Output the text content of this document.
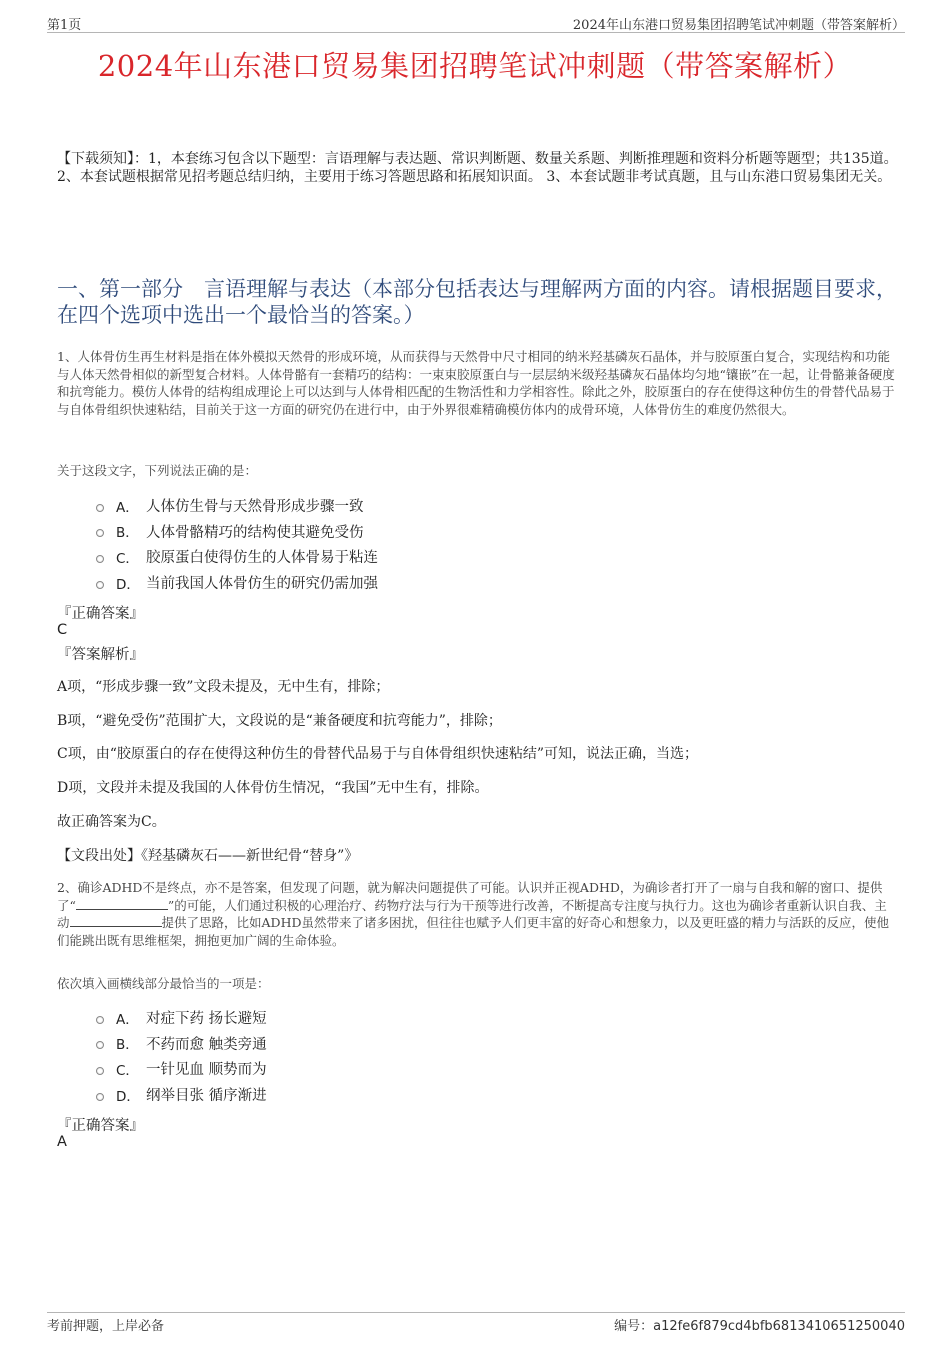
第1页	2024年山东港口贸易集团招聘笔试冲刺题（带答案解析）
2024年山东港口贸易集团招聘笔试冲刺题（带答案解析）
【下载须知】：1，本套练习包含以下题型：言语理解与表达题、常识判断题、数量关系题、判断推理题和资料分析题等题型；共135道。 2、本套试题根据常见招考题总结归纳，主要用于练习答题思路和拓展知识面。 3、本套试题非考试真题，且与山东港口贸易集团无关。
一、第一部分　言语理解与表达（本部分包括表达与理解两方面的内容。请根据题目要求，在四个选项中选出一个最恰当的答案。）
1、人体骨仿生再生材料是指在体外模拟天然骨的形成环境，从而获得与天然骨中尺寸相同的纳米羟基磷灰石晶体，并与胶原蛋白复合，实现结构和功能与人体天然骨相似的新型复合材料。人体骨骼有一套精巧的结构：一束束胶原蛋白与一层层纳米级羟基磷灰石晶体均匀地“镶嵌”在一起，让骨骼兼备硬度和抗弯能力。模仿人体骨的结构组成理论上可以达到与人体骨相匹配的生物活性和力学相容性。除此之外，胶原蛋白的存在使得这种仿生的骨替代品易于与自体骨组织快速粘结，目前关于这一方面的研究仍在进行中，由于外界很难精确模仿体内的成骨环境，人体骨仿生的难度仍然很大。
关于这段文字，下列说法正确的是：
A． 人体仿生骨与天然骨形成步骤一致
B． 人体骨骼精巧的结构使其避免受伤
C． 胶原蛋白使得仿生的人体骨易于粘连
D． 当前我国人体骨仿生的研究仍需加强
『正确答案』
C
『答案解析』
A项，“形成步骤一致”文段未提及，无中生有，排除；
B项，“避免受伤”范围扩大，文段说的是“兼备硬度和抗弯能力”，排除；
C项，由“胶原蛋白的存在使得这种仿生的骨替代品易于与自体骨组织快速粘结”可知，说法正确，当选；
D项，文段并未提及我国的人体骨仿生情况，“我国”无中生有，排除。
故正确答案为C。
【文段出处】《羟基磷灰石——新世纪骨“替身”》
2、确诊ADHD不是终点，亦不是答案，但发现了问题，就为解决问题提供了可能。认识并正视ADHD，为确诊者打开了一扇与自我和解的窗口、提供了“	”的可能，人们通过积极的心理治疗、药物疗法与行为干预等进行改善，不断提高专注度与执行力。这也为确诊者重新认识自我、主动	提供了思路，比如ADHD虽然带来了诸多困扰，但往往也赋予人们更丰富的好奇心和想象力，以及更旺盛的精力与活跃的反应，使他们能跳出既有思维框架，拥抱更加广阔的生命体验。
依次填入画横线部分最恰当的一项是：
A． 对症下药 扬长避短
B． 不药而愈 触类旁通
C． 一针见血 顺势而为
D． 纲举目张 循序渐进
『正确答案』
A
考前押题，上岸必备	编号：a12fe6f879cd4bfb6813410651250040
